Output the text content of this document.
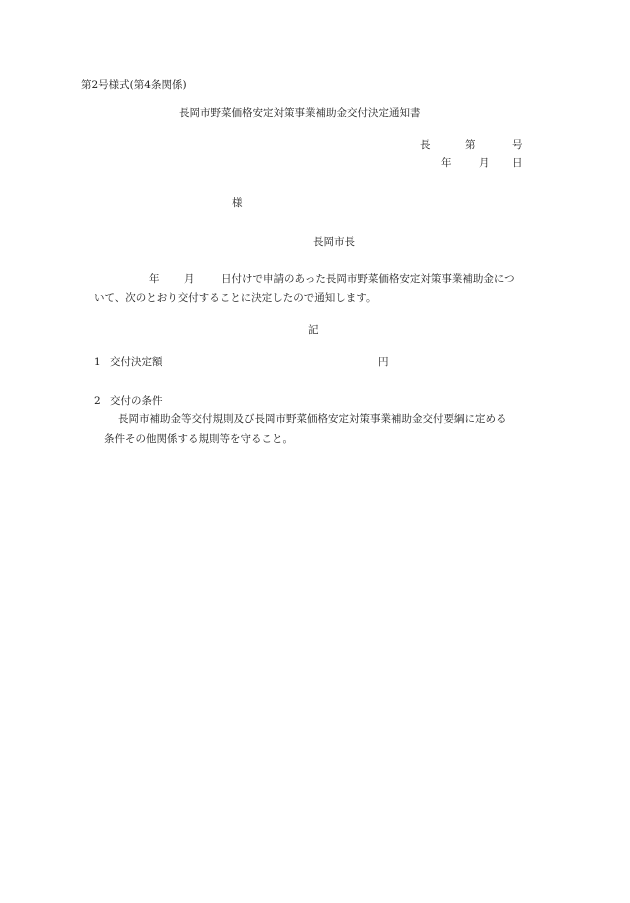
第2号様式(第4条関係)
長岡市野菜価格安定対策事業補助金交付決定通知書
長	第	号
年	月 日
様
長岡市長
年 月	日付けで申請のあった長岡市野菜価格安定対策事業補助金につ
いて、次のとおり交付することに決定したので通知します。
記
1 交付決定額	円
2 交付の条件
長岡市補助金等交付規則及び長岡市野菜価格安定対策事業補助金交付要綱に定める
条件その他関係する規則等を守ること。
